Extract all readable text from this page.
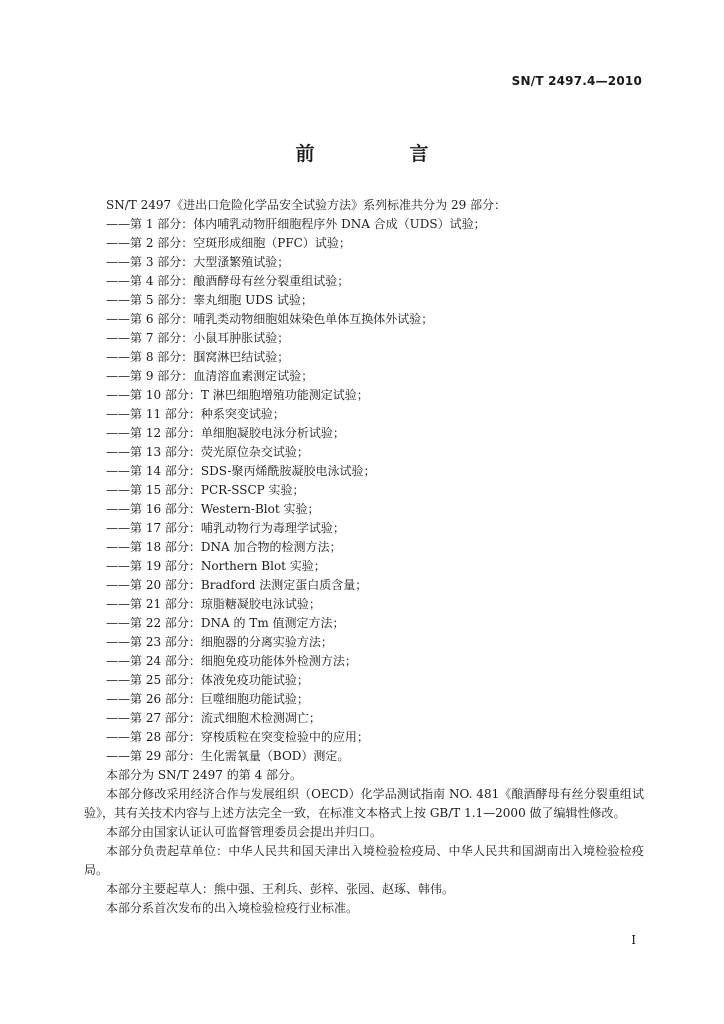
SN/T 2497.4—2010
前　言
SN/T 2497《进出口危险化学品安全试验方法》系列标准共分为 29 部分：
——第 1 部分：体内哺乳动物肝细胞程序外 DNA 合成（UDS）试验；
——第 2 部分：空斑形成细胞（PFC）试验；
——第 3 部分：大型溞繁殖试验；
——第 4 部分：酿酒酵母有丝分裂重组试验；
——第 5 部分：睾丸细胞 UDS 试验；
——第 6 部分：哺乳类动物细胞姐妹染色单体互换体外试验；
——第 7 部分：小鼠耳肿胀试验；
——第 8 部分：腘窝淋巴结试验；
——第 9 部分：血清溶血素测定试验；
——第 10 部分：T 淋巴细胞增殖功能测定试验；
——第 11 部分：种系突变试验；
——第 12 部分：单细胞凝胶电泳分析试验；
——第 13 部分：荧光原位杂交试验；
——第 14 部分：SDS-聚丙烯酰胺凝胶电泳试验；
——第 15 部分：PCR-SSCP 实验；
——第 16 部分：Western-Blot 实验；
——第 17 部分：哺乳动物行为毒理学试验；
——第 18 部分：DNA 加合物的检测方法；
——第 19 部分：Northern Blot 实验；
——第 20 部分：Bradford 法测定蛋白质含量；
——第 21 部分：琼脂糖凝胶电泳试验；
——第 22 部分：DNA 的 Tm 值测定方法；
——第 23 部分：细胞器的分离实验方法；
——第 24 部分：细胞免疫功能体外检测方法；
——第 25 部分：体液免疫功能试验；
——第 26 部分：巨噬细胞功能试验；
——第 27 部分：流式细胞术检测凋亡；
——第 28 部分：穿梭质粒在突变检验中的应用；
——第 29 部分：生化需氧量（BOD）测定。
本部分为 SN/T 2497 的第 4 部分。
本部分修改采用经济合作与发展组织（OECD）化学品测试指南 NO. 481《酿酒酵母有丝分裂重组试验》，其有关技术内容与上述方法完全一致，在标准文本格式上按 GB/T 1.1—2000 做了编辑性修改。
本部分由国家认证认可监督管理委员会提出并归口。
本部分负责起草单位：中华人民共和国天津出入境检验检疫局、中华人民共和国湖南出入境检验检疫局。
本部分主要起草人：熊中强、王利兵、彭梓、张园、赵琢、韩伟。
本部分系首次发布的出入境检验检疫行业标准。
I
